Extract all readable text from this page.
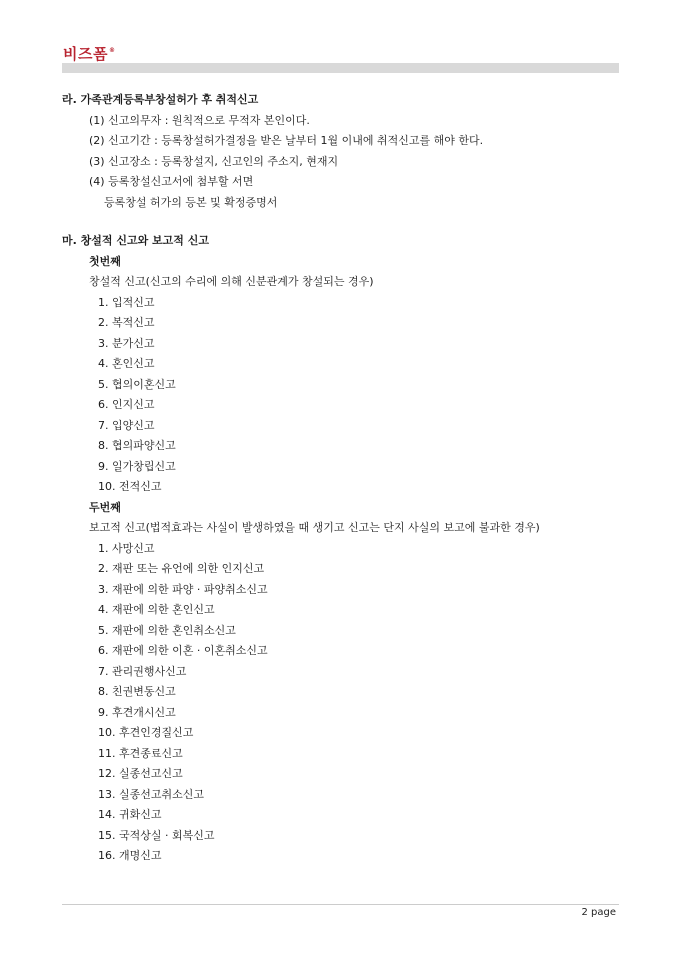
비즈폼®
라. 가족관계등록부창설허가 후 취적신고
(1) 신고의무자 : 원칙적으로 무적자 본인이다.
(2) 신고기간 : 등록창설허가결정을 받은 날부터 1월 이내에 취적신고를 해야 한다.
(3) 신고장소 : 등록창설지, 신고인의 주소지, 현재지
(4) 등록창설신고서에 첨부할 서면
등록창설 허가의 등본 및 확정증명서
마. 창설적 신고와 보고적 신고
첫번째
창설적 신고(신고의 수리에 의해 신분관계가 창설되는 경우)
1. 입적신고
2. 복적신고
3. 분가신고
4. 혼인신고
5. 협의이혼신고
6. 인지신고
7. 입양신고
8. 협의파양신고
9. 일가창립신고
10. 전적신고
두번째
보고적 신고(법적효과는 사실이 발생하였을 때 생기고 신고는 단지 사실의 보고에 불과한 경우)
1. 사망신고
2. 재판 또는 유언에 의한 인지신고
3. 재판에 의한 파양 · 파양취소신고
4. 재판에 의한 혼인신고
5. 재판에 의한 혼인취소신고
6. 재판에 의한 이혼 · 이혼취소신고
7. 관리권행사신고
8. 친권변동신고
9. 후견개시신고
10. 후견인경질신고
11. 후견종료신고
12. 실종선고신고
13. 실종선고취소신고
14. 귀화신고
15. 국적상실 · 회복신고
16. 개명신고
2 page
